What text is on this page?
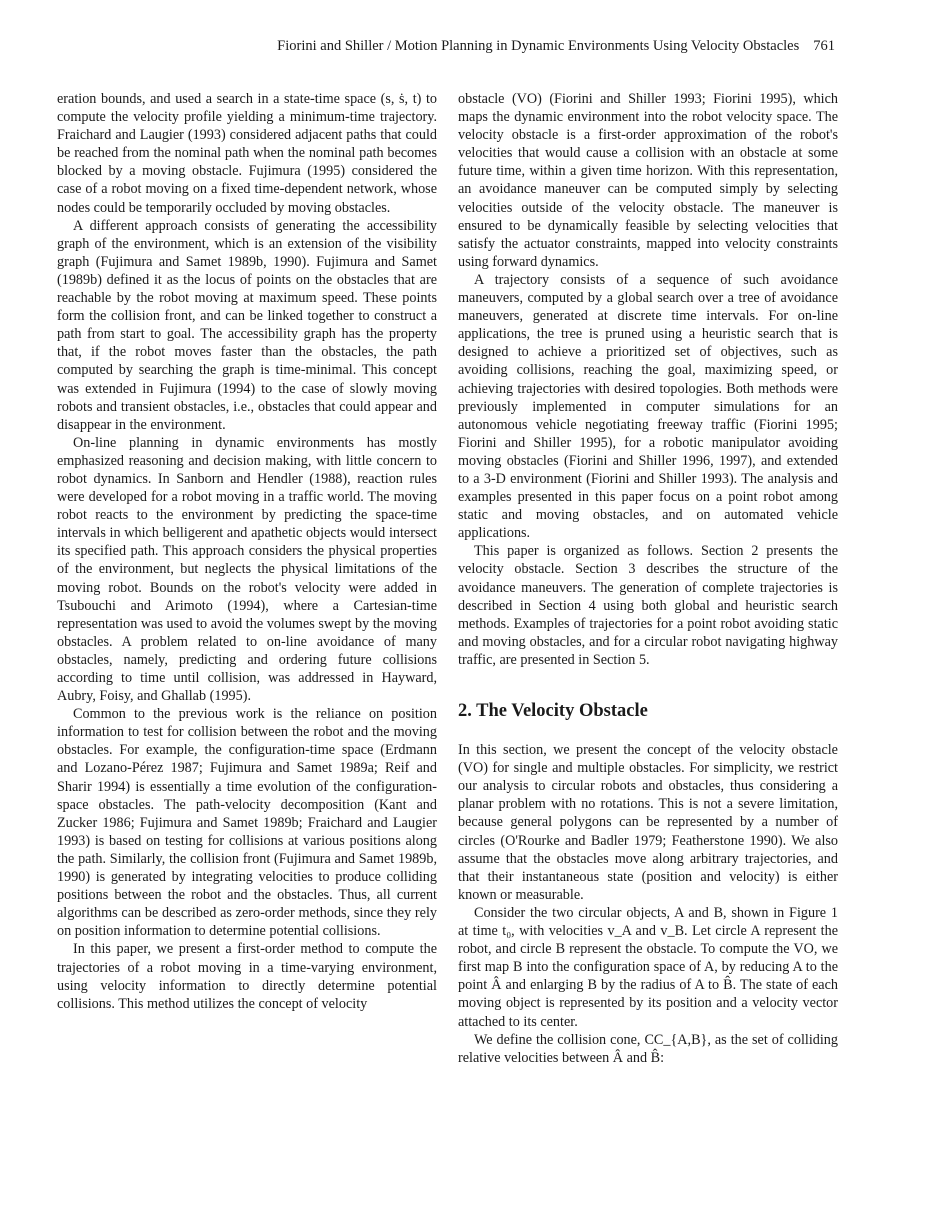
Fiorini and Shiller / Motion Planning in Dynamic Environments Using Velocity Obstacles 761

eration bounds, and used a search in a state-time space (s, ṡ, t) to compute the velocity profile yielding a minimum-time trajectory. Fraichard and Laugier (1993) considered adjacent paths that could be reached from the nominal path when the nominal path becomes blocked by a moving obstacle. Fujimura (1995) considered the case of a robot moving on a fixed time-dependent network, whose nodes could be temporarily occluded by moving obstacles.

A different approach consists of generating the accessibility graph of the environment, which is an extension of the visibility graph (Fujimura and Samet 1989b, 1990). Fujimura and Samet (1989b) defined it as the locus of points on the obstacles that are reachable by the robot moving at maximum speed. These points form the collision front, and can be linked together to construct a path from start to goal. The accessibility graph has the property that, if the robot moves faster than the obstacles, the path computed by searching the graph is time-minimal. This concept was extended in Fujimura (1994) to the case of slowly moving robots and transient obstacles, i.e., obstacles that could appear and disappear in the environment.

On-line planning in dynamic environments has mostly emphasized reasoning and decision making, with little concern to robot dynamics. In Sanborn and Hendler (1988), reaction rules were developed for a robot moving in a traffic world. The moving robot reacts to the environment by predicting the space-time intervals in which belligerent and apathetic objects would intersect its specified path. This approach considers the physical properties of the environment, but neglects the physical limitations of the moving robot. Bounds on the robot's velocity were added in Tsubouchi and Arimoto (1994), where a Cartesian-time representation was used to avoid the volumes swept by the moving obstacles. A problem related to on-line avoidance of many obstacles, namely, predicting and ordering future collisions according to time until collision, was addressed in Hayward, Aubry, Foisy, and Ghallab (1995).

Common to the previous work is the reliance on position information to test for collision between the robot and the moving obstacles. For example, the configuration-time space (Erdmann and Lozano-Pérez 1987; Fujimura and Samet 1989a; Reif and Sharir 1994) is essentially a time evolution of the configuration-space obstacles. The path-velocity decomposition (Kant and Zucker 1986; Fujimura and Samet 1989b; Fraichard and Laugier 1993) is based on testing for collisions at various positions along the path. Similarly, the collision front (Fujimura and Samet 1989b, 1990) is generated by integrating velocities to produce colliding positions between the robot and the obstacles. Thus, all current algorithms can be described as zero-order methods, since they rely on position information to determine potential collisions.

In this paper, we present a first-order method to compute the trajectories of a robot moving in a time-varying environment, using velocity information to directly determine potential collisions. This method utilizes the concept of velocity

obstacle (VO) (Fiorini and Shiller 1993; Fiorini 1995), which maps the dynamic environment into the robot velocity space. The velocity obstacle is a first-order approximation of the robot's velocities that would cause a collision with an obstacle at some future time, within a given time horizon. With this representation, an avoidance maneuver can be computed simply by selecting velocities outside of the velocity obstacle. The maneuver is ensured to be dynamically feasible by selecting velocities that satisfy the actuator constraints, mapped into velocity constraints using forward dynamics.

A trajectory consists of a sequence of such avoidance maneuvers, computed by a global search over a tree of avoidance maneuvers, generated at discrete time intervals. For on-line applications, the tree is pruned using a heuristic search that is designed to achieve a prioritized set of objectives, such as avoiding collisions, reaching the goal, maximizing speed, or achieving trajectories with desired topologies. Both methods were previously implemented in computer simulations for an autonomous vehicle negotiating freeway traffic (Fiorini 1995; Fiorini and Shiller 1995), for a robotic manipulator avoiding moving obstacles (Fiorini and Shiller 1996, 1997), and extended to a 3-D environment (Fiorini and Shiller 1993). The analysis and examples presented in this paper focus on a point robot among static and moving obstacles, and on automated vehicle applications.

This paper is organized as follows. Section 2 presents the velocity obstacle. Section 3 describes the structure of the avoidance maneuvers. The generation of complete trajectories is described in Section 4 using both global and heuristic search methods. Examples of trajectories for a point robot avoiding static and moving obstacles, and for a circular robot navigating highway traffic, are presented in Section 5.

2. The Velocity Obstacle

In this section, we present the concept of the velocity obstacle (VO) for single and multiple obstacles. For simplicity, we restrict our analysis to circular robots and obstacles, thus considering a planar problem with no rotations. This is not a severe limitation, because general polygons can be represented by a number of circles (O'Rourke and Badler 1979; Featherstone 1990). We also assume that the obstacles move along arbitrary trajectories, and that their instantaneous state (position and velocity) is either known or measurable.

Consider the two circular objects, A and B, shown in Figure 1 at time t₀, with velocities v_A and v_B. Let circle A represent the robot, and circle B represent the obstacle. To compute the VO, we first map B into the configuration space of A, by reducing A to the point Â and enlarging B by the radius of A to B̂. The state of each moving object is represented by its position and a velocity vector attached to its center.

We define the collision cone, CC_{A,B}, as the set of colliding relative velocities between Â and B̂:
